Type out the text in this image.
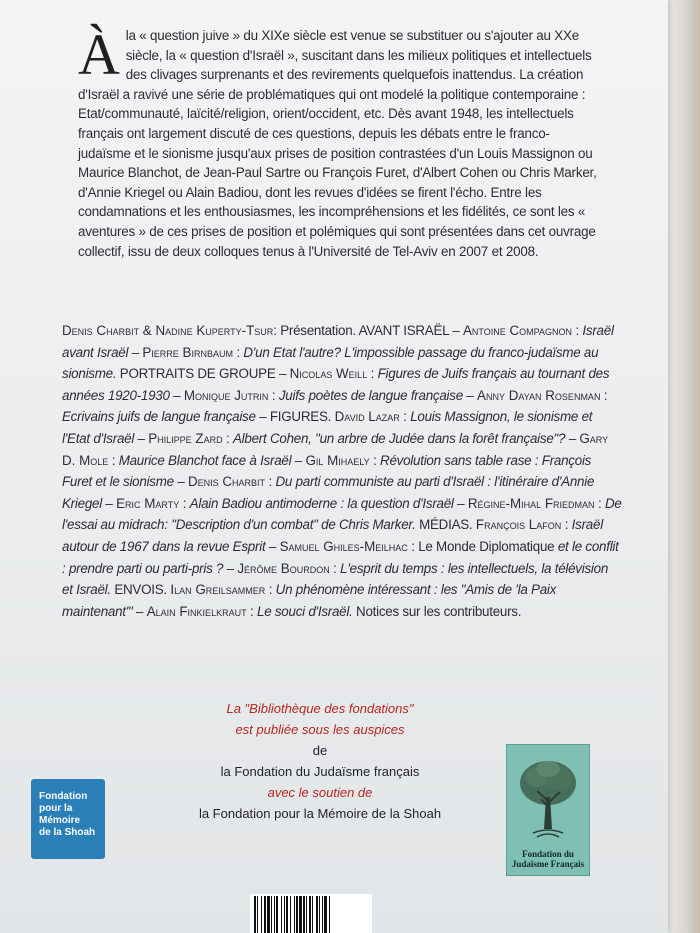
À la « question juive » du XIXe siècle est venue se substituer ou s'ajouter au XXe siècle, la « question d'Israël », suscitant dans les milieux politiques et intellectuels des clivages surprenants et des revirements quelquefois inattendus. La création d'Israël a ravivé une série de problématiques qui ont modelé la politique contemporaine : Etat/communauté, laïcité/religion, orient/occident, etc. Dès avant 1948, les intellectuels français ont largement discuté de ces questions, depuis les débats entre le franco-judaïsme et le sionisme jusqu'aux prises de position contrastées d'un Louis Massignon ou Maurice Blanchot, de Jean-Paul Sartre ou François Furet, d'Albert Cohen ou Chris Marker, d'Annie Kriegel ou Alain Badiou, dont les revues d'idées se firent l'écho. Entre les condamnations et les enthousiasmes, les incompréhensions et les fidélités, ce sont les « aventures » de ces prises de position et polémiques qui sont présentées dans cet ouvrage collectif, issu de deux colloques tenus à l'Université de Tel-Aviv en 2007 et 2008.
Denis Charbit & Nadine Kuperty-Tsur: Présentation. AVANT ISRAËL – Antoine Compagnon : Israël avant Israël – Pierre Birnbaum : D'un Etat l'autre? L'impossible passage du franco-judaïsme au sionisme. PORTRAITS DE GROUPE – Nicolas Weill : Figures de Juifs français au tournant des années 1920-1930 – Monique Jutrin : Juifs poètes de langue française – Anny Dayan Rosenman : Ecrivains juifs de langue française – FIGURES. David Lazar : Louis Massignon, le sionisme et l'Etat d'Israël – Philippe Zard : Albert Cohen, "un arbre de Judée dans la forêt française"? – Gary D. Mole : Maurice Blanchot face à Israël – Gil Mihaely : Révolution sans table rase : François Furet et le sionisme – Denis Charbit : Du parti communiste au parti d'Israël : l'itinéraire d'Annie Kriegel – Eric Marty : Alain Badiou antimoderne : la question d'Israël – Régine-Mihal Friedman : De l'essai au midrach: "Description d'un combat" de Chris Marker. MÉDIAS. François Lafon : Israël autour de 1967 dans la revue Esprit – Samuel Ghiles-Meilhac : Le Monde Diplomatique et le conflit : prendre parti ou parti-pris ? – Jérôme Bourdon : L'esprit du temps : les intellectuels, la télévision et Israël. ENVOIS. Ilan Greilsammer : Un phénomène intéressant : les "Amis de 'la Paix maintenant'" – Alain Finkielkraut : Le souci d'Israël. Notices sur les contributeurs.
La "Bibliothèque des fondations"
est publiée sous les auspices
de
la Fondation du Judaïsme français
avec le soutien de
la Fondation pour la Mémoire de la Shoah
Fondation
pour la
Mémoire
de la Shoah
Fondation du
Judaïsme Français
